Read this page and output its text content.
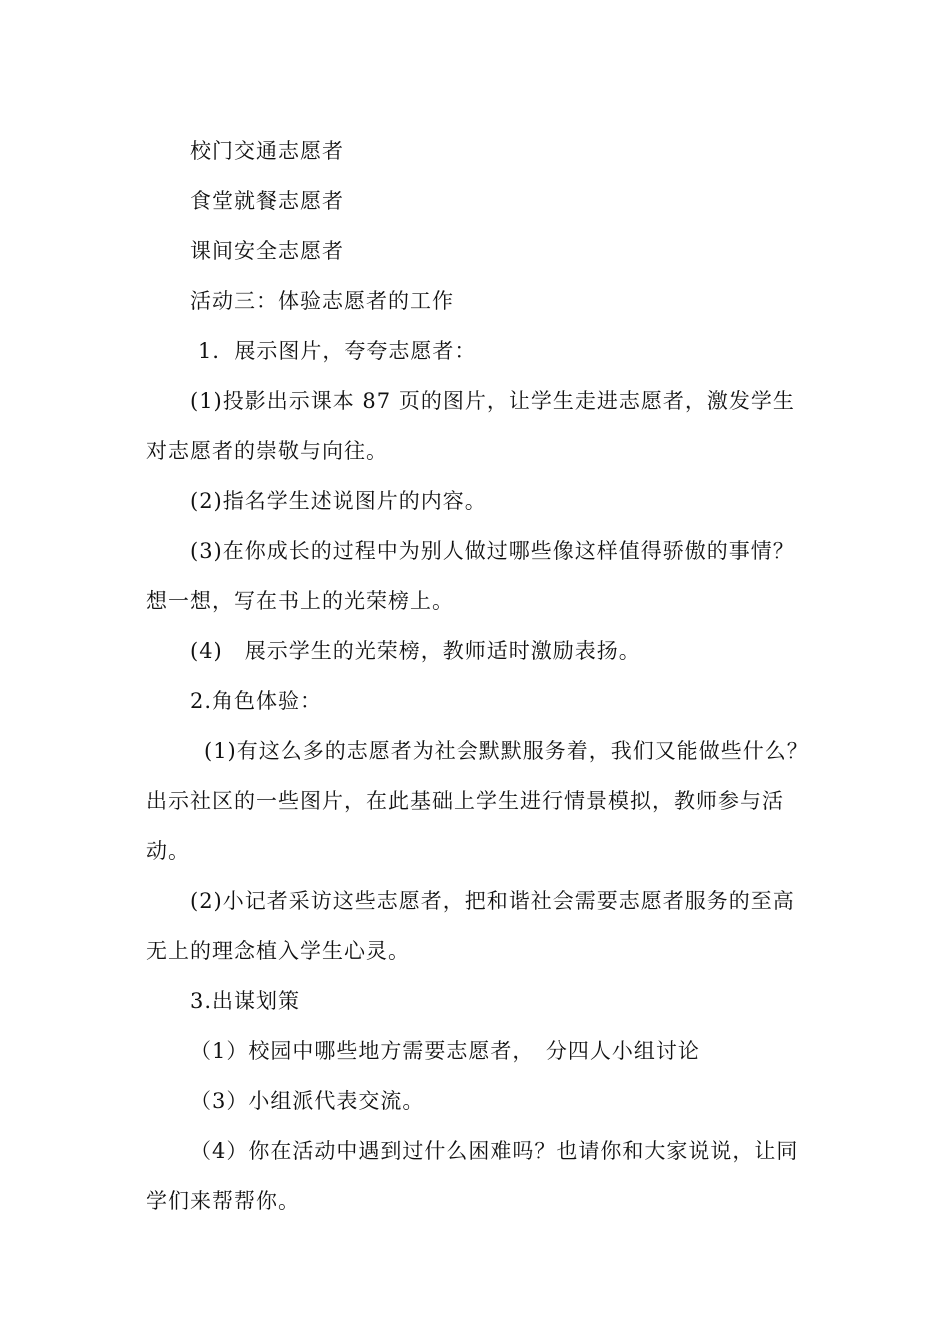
校门交通志愿者
食堂就餐志愿者
课间安全志愿者
活动三：体验志愿者的工作
1．展示图片，夸夸志愿者：
(1)投影出示课本 87 页的图片，让学生走进志愿者，激发学生
对志愿者的崇敬与向往。
(2)指名学生述说图片的内容。
(3)在你成长的过程中为别人做过哪些像这样值得骄傲的事情？
想一想，写在书上的光荣榜上。
(4)　展示学生的光荣榜，教师适时激励表扬。
2.角色体验：
(1)有这么多的志愿者为社会默默服务着，我们又能做些什么？
出示社区的一些图片，在此基础上学生进行情景模拟，教师参与活
动。
(2)小记者采访这些志愿者，把和谐社会需要志愿者服务的至高
无上的理念植入学生心灵。
3.出谋划策
（1）校园中哪些地方需要志愿者，　分四人小组讨论
（3）小组派代表交流。
（4）你在活动中遇到过什么困难吗？也请你和大家说说，让同
学们来帮帮你。
